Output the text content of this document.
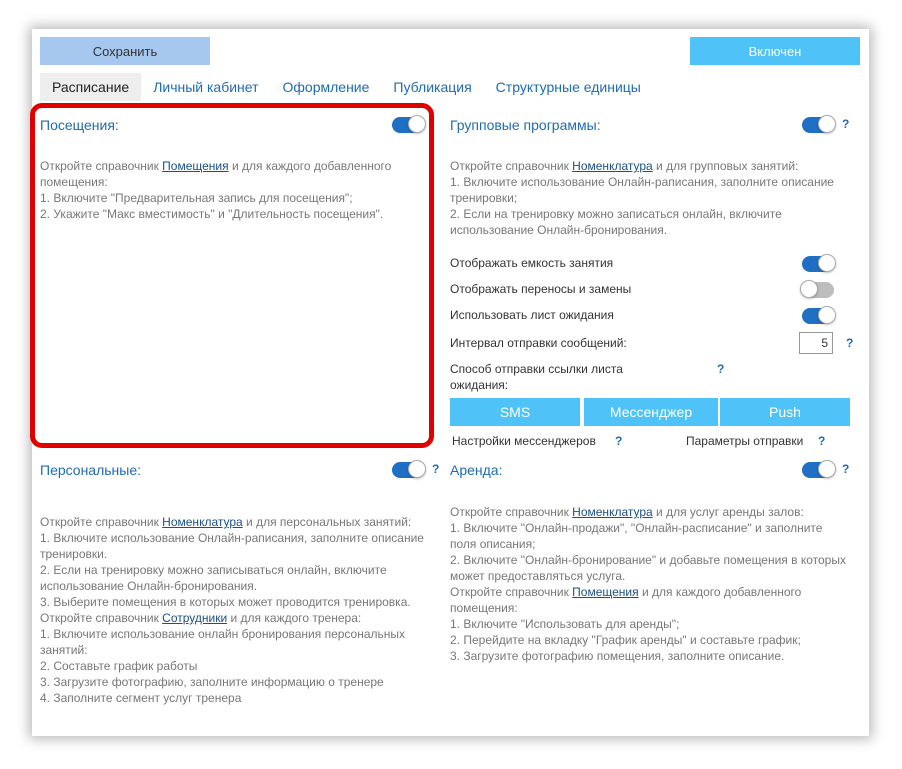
Сохранить	Включен
Расписание	Личный кабинет	Оформление	Публикация	Структурные единицы
Посещения:
Откройте справочник Помещения и для каждого добавленного помещения:
1. Включите "Предварительная запись для посещения";
2. Укажите "Макс вместимость" и "Длительность посещения".
Групповые программы:	?
Откройте справочник Номенклатура и для групповых занятий:
1. Включите использование Онлайн-раписания, заполните описание тренировки;
2. Если на тренировку можно записаться онлайн, включите использование Онлайн-бронирования.
Отображать емкость занятия
Отображать переносы и замены
Использовать лист ожидания
Интервал отправки сообщений:
5	?
Способ отправки ссылки листа ожидания:
?
SMS	Мессенджер	Push
Настройки мессенджеров ?	Параметры отправки ?
Персональные:	?
Откройте справочник Номенклатура и для персональных занятий:
1. Включите использование Онлайн-раписания, заполните описание тренировки.
2. Если на тренировку можно записываться онлайн, включите использование Онлайн-бронирования.
3. Выберите помещения в которых может проводится тренировка.
Откройте справочник Сотрудники и для каждого тренера:
1. Включите использование онлайн бронирования персональных занятий:
2. Составьте график работы
3. Загрузите фотографию, заполните информацию о тренере
4. Заполните сегмент услуг тренера
Аренда:	?
Откройте справочник Номенклатура и для услуг аренды залов:
1. Включите "Онлайн-продажи", "Онлайн-расписание" и заполните поля описания;
2. Включите "Онлайн-бронирование" и добавьте помещения в которых может предоставляться услуга.
Откройте справочник Помещения и для каждого добавленного помещения:
1. Включите "Использовать для аренды";
2. Перейдите на вкладку "График аренды" и составьте график;
3. Загрузите фотографию помещения, заполните описание.
